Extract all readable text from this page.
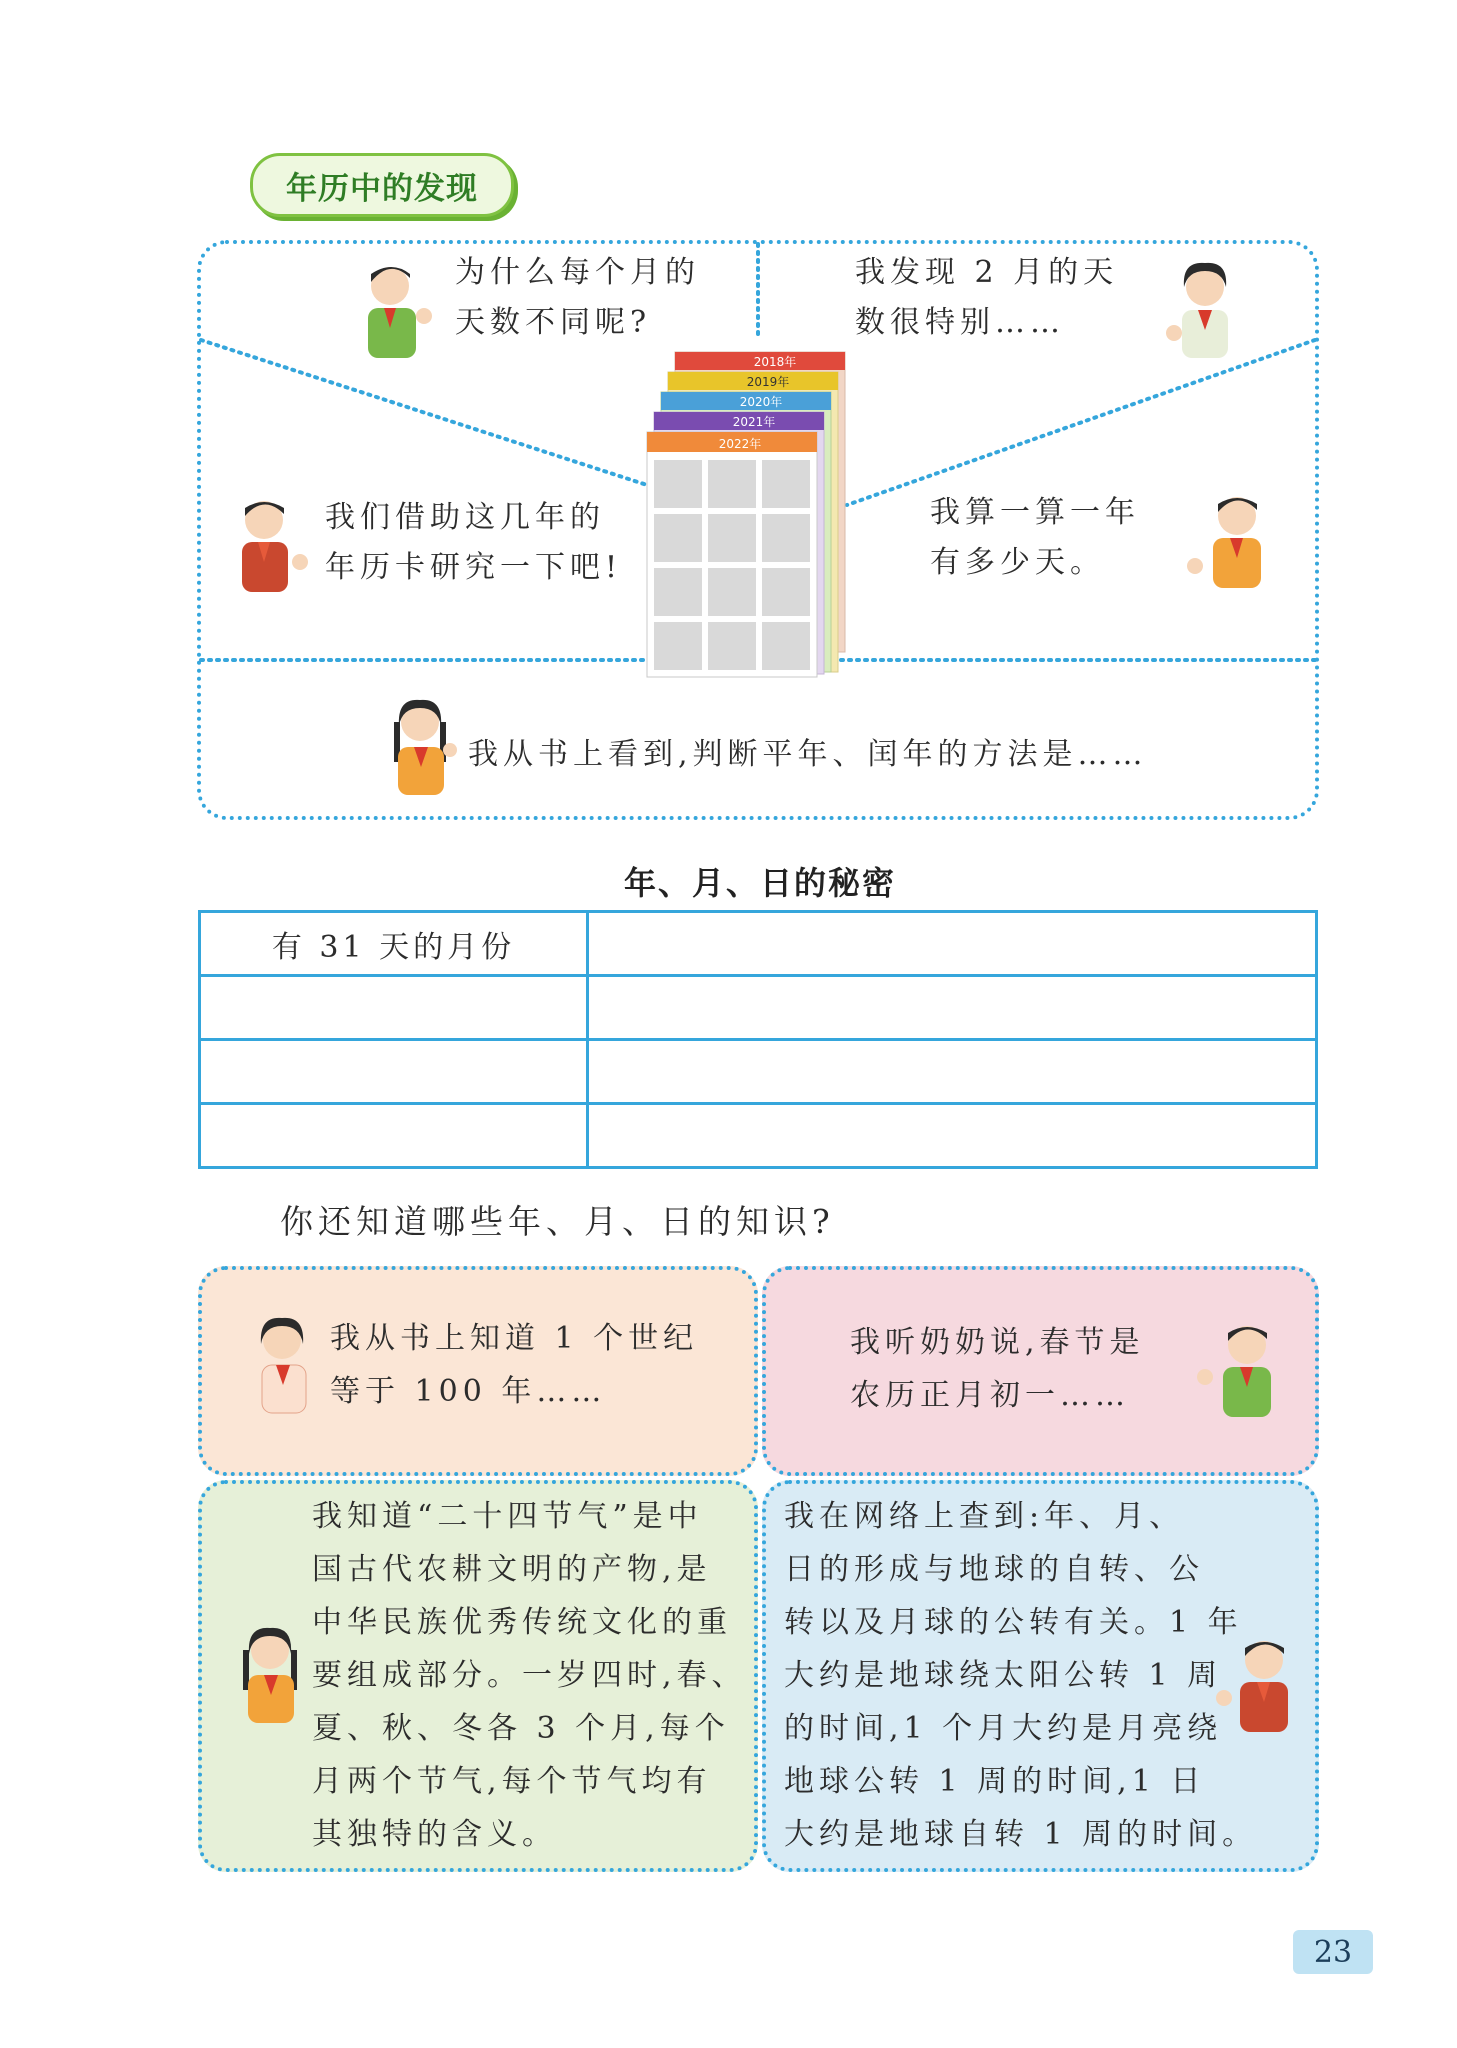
年历中的发现
为什么每个月的
天数不同呢?
我发现 2 月的天
数很特别……
我们借助这几年的
年历卡研究一下吧!
我算一算一年
有多少天。
我从书上看到,判断平年、闰年的方法是……
2018年
2019年
2020年
2021年
2022年
年、月、日的秘密
有 31 天的月份	

你还知道哪些年、月、日的知识?
我从书上知道 1 个世纪
等于 100 年……
我听奶奶说,春节是
农历正月初一……
我知道“二十四节气”是中
国古代农耕文明的产物,是
中华民族优秀传统文化的重
要组成部分。一岁四时,春、
夏、秋、冬各 3 个月,每个
月两个节气,每个节气均有
其独特的含义。
我在网络上查到:年、月、
日的形成与地球的自转、公
转以及月球的公转有关。1 年
大约是地球绕太阳公转 1 周
的时间,1 个月大约是月亮绕
地球公转 1 周的时间,1 日
大约是地球自转 1 周的时间。
23
